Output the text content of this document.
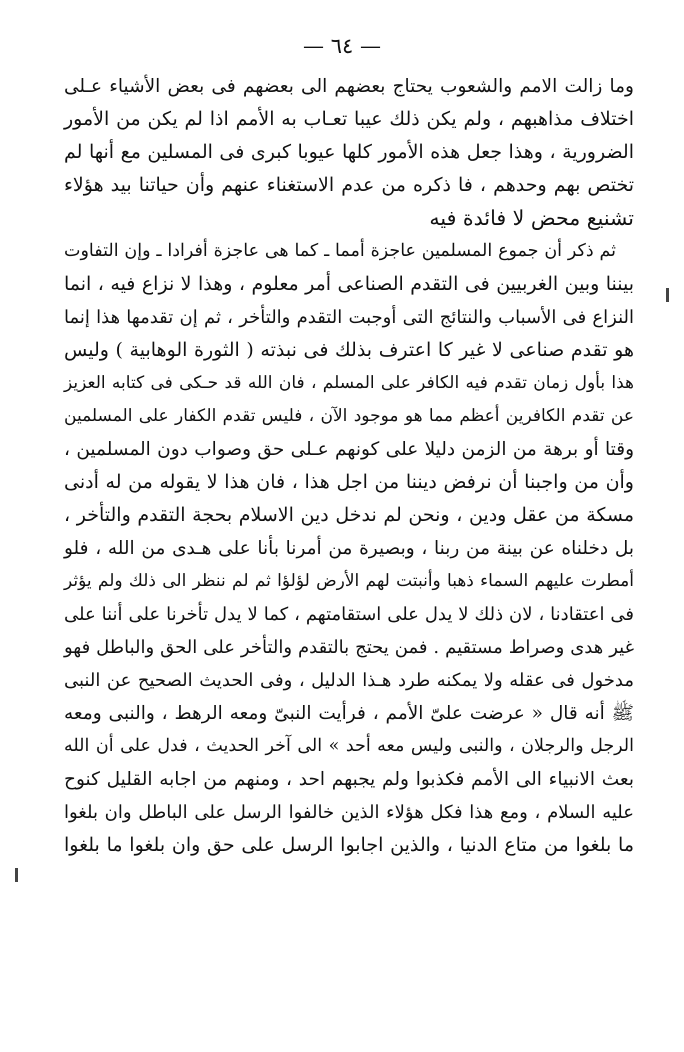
— ٦٤ —
وما زالت الامم والشعوب يحتاج بعضهم الى بعضهم فى بعض الأشياء عـلى
اختلاف مذاهبهم ، ولم يكن ذلك عيبا تعـاب به الأمم اذا لم يكن من الأمور
الضرورية ، وهذا جعل هذه الأمور كلها عيوبا كبرى فى المسلين مع أنها لم
تختص بهم وحدهم ، فا ذكره من عدم الاستغناء عنهم وأن حياتنا بيد هؤلاء
تشنيع محض لا فائدة فيه
ثم ذكر أن جموع المسلمين عاجزة أمما ـ كما هى عاجزة أفرادا ـ وإن التفاوت
بيننا وبين الغربيين فى التقدم الصناعى أمر معلوم ، وهذا لا نزاع فيه ، انما
النزاع فى الأسباب والنتائج التى أوجبت التقدم والتأخر ، ثم إن تقدمها هذا إنما
هو تقدم صناعى لا غير كا اعترف بذلك فى نبذته ( الثورة الوهابية ) وليس
هذا بأول زمان تقدم فيه الكافر على المسلم ، فان الله قد حـكى فى كتابه العزيز
عن تقدم الكافرين أعظم مما هو موجود الآن ، فليس تقدم الكفار على المسلمين
وقتا أو برهة من الزمن دليلا على كونهم عـلى حق وصواب دون المسلمين ،
وأن من واجبنا أن نرفض ديننا من اجل هذا ، فان هذا لا يقوله من له أدنى
مسكة من عقل ودين ، ونحن لم ندخل دين الاسلام بحجة التقدم والتأخر ،
بل دخلناه عن بينة من ربنا ، وبصيرة من أمرنا بأنا على هـدى من الله ، فلو
أمطرت عليهم السماء ذهبا وأنبتت لهم الأرض لؤلؤا ثم لم ننظر الى ذلك ولم يؤثر
فى اعتقادنا ، لان ذلك لا يدل على استقامتهم ، كما لا يدل تأخرنا على أننا على
غير هدى وصراط مستقيم . فمن يحتج بالتقدم والتأخر على الحق والباطل فهو
مدخول فى عقله ولا يمكنه طرد هـذا الدليل ، وفى الحديث الصحيح عن النبى
ﷺ أنه قال « عرضت علىّ الأمم ، فرأيت النبىّ ومعه الرهط ، والنبى ومعه
الرجل والرجلان ، والنبى وليس معه أحد » الى آخر الحديث ، فدل على أن الله
بعث الانبياء الى الأمم فكذبوا ولم يجبهم احد ، ومنهم من اجابه القليل كنوح
عليه السلام ، ومع هذا فكل هؤلاء الذين خالفوا الرسل على الباطل وان بلغوا
ما بلغوا من متاع الدنيا ، والذين اجابوا الرسل على حق وان بلغوا ما بلغوا
